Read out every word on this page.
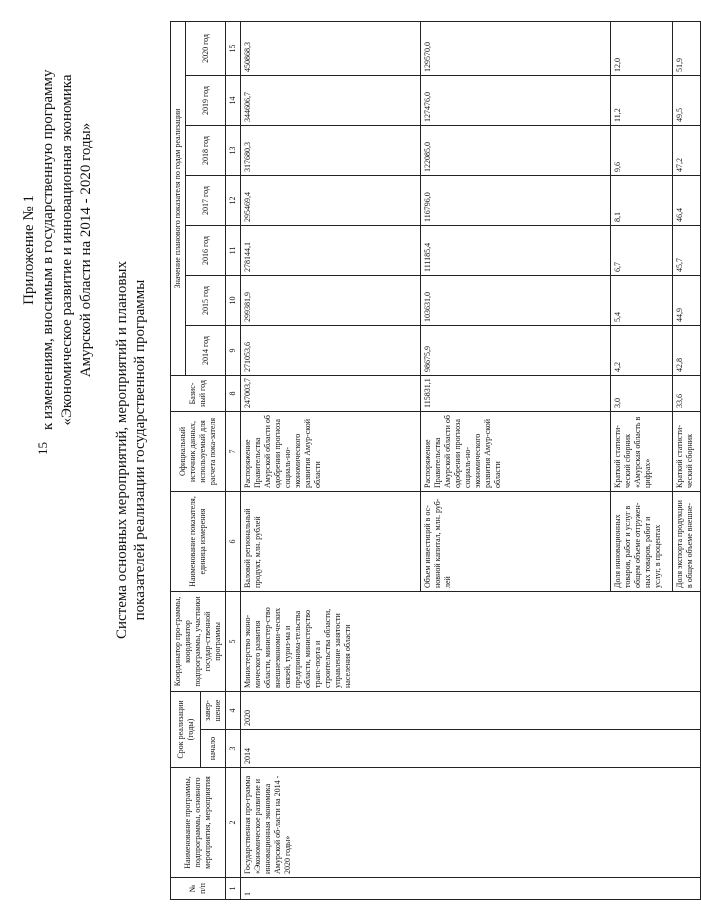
15
Приложение № 1 к изменениям, вносимым в государственную программу «Экономическое развитие и инновационная экономика Амурской области на 2014 - 2020 годы»
Система основных мероприятий, мероприятий и плановых показателей реализации государственной программы
№ п/п	Наименование программы, подпрограммы, основного мероприятия, мероприятия	Срок реализации (годы)		Координатор про-граммы, координатор подпрограммы, участники государ-ственной программы	Наименование показателя, единица измерения	Официальный источник данных, используемый для расчета пока-зателя	Базис-ный год	Значение планового показателя по годам реализации						
								2014 год	2015 год	2016 год	2017 год	2018 год	2019 год	2020 год
		начало	завер-шение											
1	2	3	4	5	6	7	8	9	10	11	12	13	14	15
1	Государственная про-грамма «Экономическое развитие и инновационная экономика Амурской об-ласти на 2014 - 2020 годы»	2014	2020	Министерство эконо-мического развития области, министер-ство внешнеэкономи-ческих связей, туриз-ма и предпринима-тельства области, министерство транс-порта и строительства области, управление занятости населения области	Валовой региональный продукт, млн. рублей	Распоряжение Правительства Амурской области об одобрении прогноза социаль-но-экономического развития Амур-ской области	247003,7	271053,6	299381,9	278144,1	295469,4	317680,3	344606,7	450868,3
					Объем инвестиций в ос-новной капитал, млн. руб-лей	Распоряжение Правительства Амурской области об одобрении прогноза социаль-но-экономического развития Амур-ской области	115831,1	98675,9	103631,0	111185,4	116796,0	122085,0	127476,0	129570,0
					Доля инновационных товаров, работ и услуг в общем объеме отгружен-ных товаров, работ и услуг, в процентах	Краткий статисти-ческий сборник «Амурская область в цифрах»	3,0	4,2	5,4	6,7	8,1	9,6	11,2	12,0
					Доля экспорта продукции в общем объеме внешне-	Краткий статисти-ческий сборник	33,6	42,8	44,9	45,7	46,4	47,2	49,5	51,9
